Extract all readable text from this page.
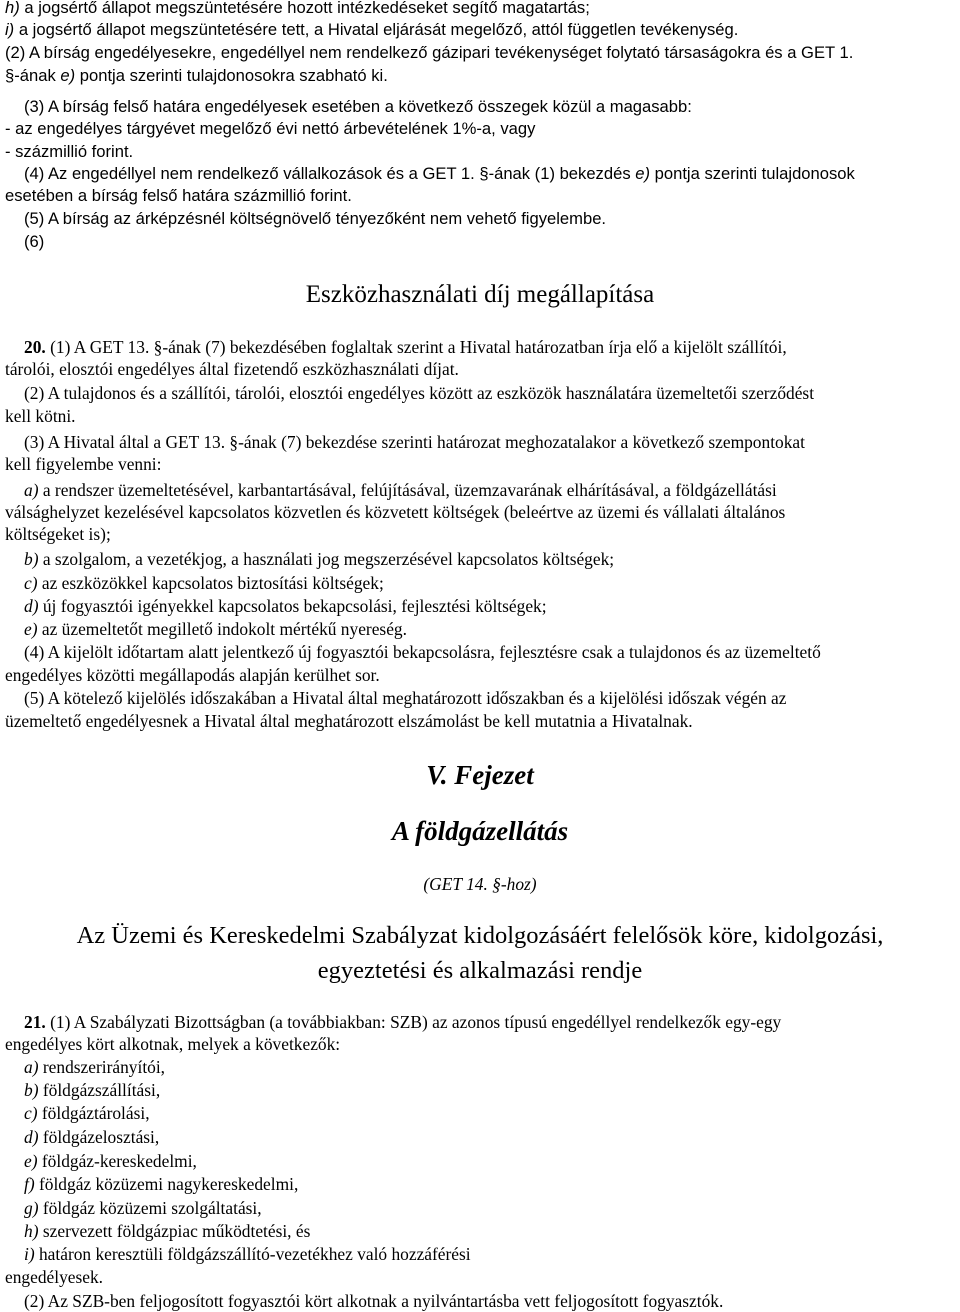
h) a jogsértő állapot megszüntetésére hozott intézkedéseket segítő magatartás;
i) a jogsértő állapot megszüntetésére tett, a Hivatal eljárását megelőző, attól független tevékenység.
(2) A bírság engedélyesekre, engedéllyel nem rendelkező gázipari tevékenységet folytató társaságokra és a GET 1.
§-ának e) pontja szerinti tulajdonosokra szabható ki.
(3) A bírság felső határa engedélyesek esetében a következő összegek közül a magasabb:
- az engedélyes tárgyévet megelőző évi nettó árbevételének 1%-a, vagy
- százmillió forint.
(4) Az engedéllyel nem rendelkező vállalkozások és a GET 1. §-ának (1) bekezdés e) pontja szerinti tulajdonosok
esetében a bírság felső határa százmillió forint.
(5) A bírság az árképzésnél költségnövelő tényezőként nem vehető figyelembe.
(6)
Eszközhasználati díj megállapítása
20. (1) A GET 13. §-ának (7) bekezdésében foglaltak szerint a Hivatal határozatban írja elő a kijelölt szállítói,
tárolói, elosztói engedélyes által fizetendő eszközhasználati díjat.
(2) A tulajdonos és a szállítói, tárolói, elosztói engedélyes között az eszközök használatára üzemeltetői szerződést
kell kötni.
(3) A Hivatal által a GET 13. §-ának (7) bekezdése szerinti határozat meghozatalakor a következő szempontokat
kell figyelembe venni:
a) a rendszer üzemeltetésével, karbantartásával, felújításával, üzemzavarának elhárításával, a földgázellátási
válsághelyzet kezelésével kapcsolatos közvetlen és közvetett költségek (beleértve az üzemi és vállalati általános
költségeket is);
b) a szolgalom, a vezetékjog, a használati jog megszerzésével kapcsolatos költségek;
c) az eszközökkel kapcsolatos biztosítási költségek;
d) új fogyasztói igényekkel kapcsolatos bekapcsolási, fejlesztési költségek;
e) az üzemeltetőt megillető indokolt mértékű nyereség.
(4) A kijelölt időtartam alatt jelentkező új fogyasztói bekapcsolásra, fejlesztésre csak a tulajdonos és az üzemeltető
engedélyes közötti megállapodás alapján kerülhet sor.
(5) A kötelező kijelölés időszakában a Hivatal által meghatározott időszakban és a kijelölési időszak végén az
üzemeltető engedélyesnek a Hivatal által meghatározott elszámolást be kell mutatnia a Hivatalnak.
V. Fejezet
A földgázellátás
(GET 14. §-hoz)
Az Üzemi és Kereskedelmi Szabályzat kidolgozásáért felelősök köre, kidolgozási,
egyeztetési és alkalmazási rendje
21. (1) A Szabályzati Bizottságban (a továbbiakban: SZB) az azonos típusú engedéllyel rendelkezők egy-egy
engedélyes kört alkotnak, melyek a következők:
a) rendszerirányítói,
b) földgázszállítási,
c) földgáztárolási,
d) földgázelosztási,
e) földgáz-kereskedelmi,
f) földgáz közüzemi nagykereskedelmi,
g) földgáz közüzemi szolgáltatási,
h) szervezett földgázpiac működtetési, és
i) határon keresztüli földgázszállító-vezetékhez való hozzáférési
engedélyesek.
(2) Az SZB-ben feljogosított fogyasztói kört alkotnak a nyilvántartásba vett feljogosított fogyasztók.
